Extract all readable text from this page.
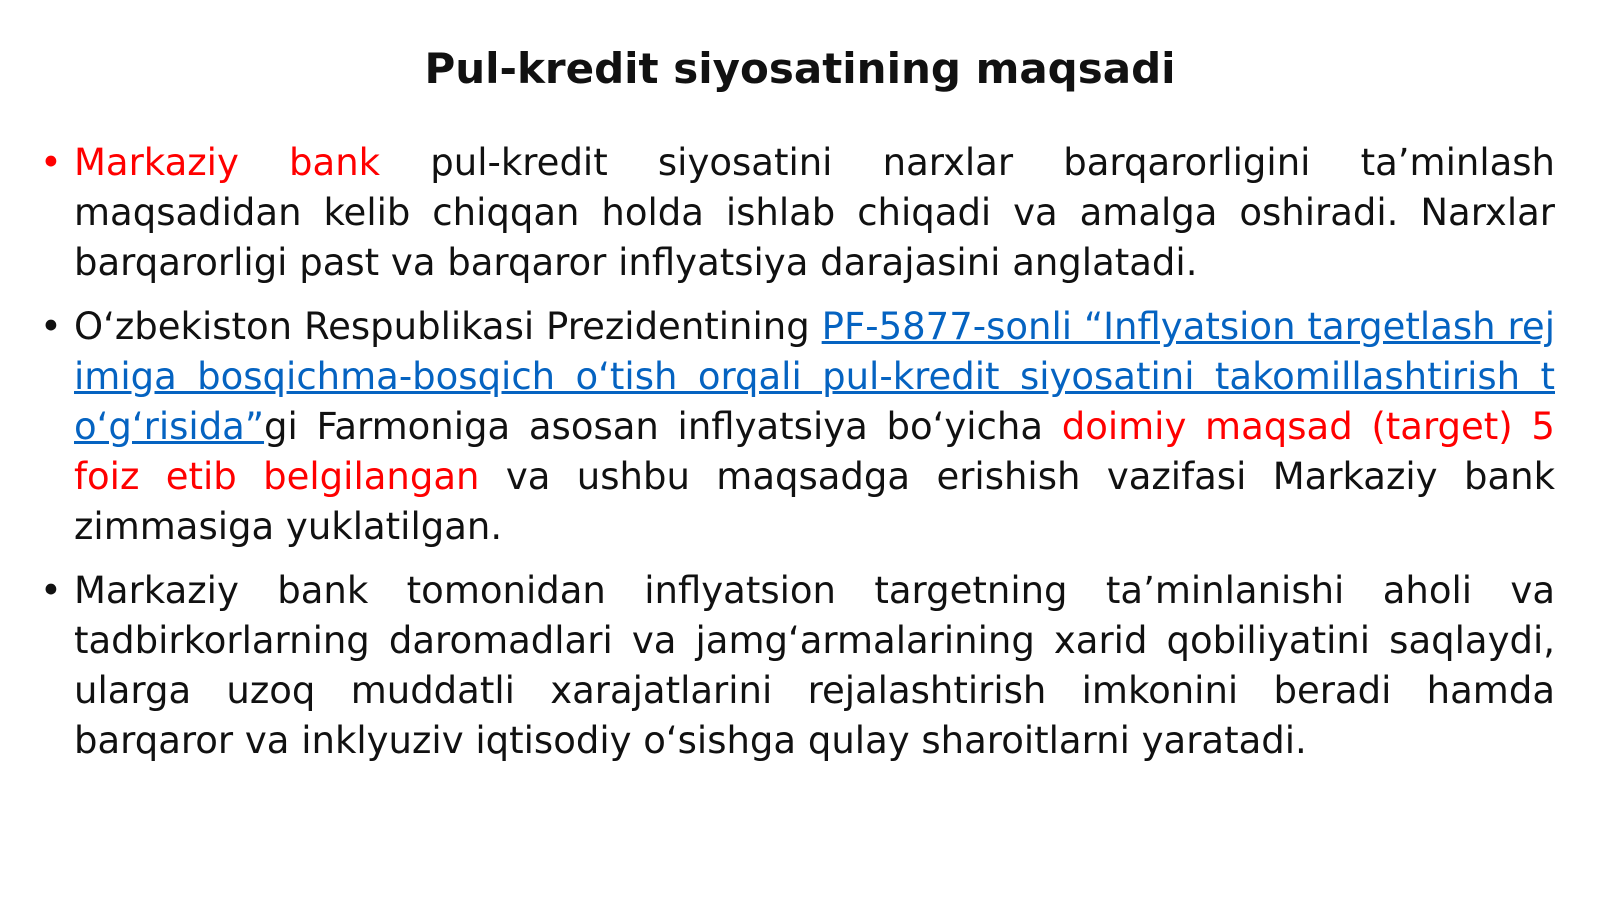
Pul-kredit siyosatining maqsadi

• Markaziy bank pul-kredit siyosatini narxlar barqarorligini ta’minlash maqsadidan kelib chiqqan holda ishlab chiqadi va amalga oshiradi. Narxlar barqarorligi past va barqaror inflyatsiya darajasini anglatadi.

• O‘zbekiston Respublikasi Prezidentining PF-5877-sonli “Inflyatsion targetlash rejimiga bosqichma-bosqich o‘tish orqali pul-kredit siyosatini takomillashtirish to‘g‘risida”gi Farmoniga asosan inflyatsiya bo‘yicha doimiy maqsad (target) 5 foiz etib belgilangan va ushbu maqsadga erishish vazifasi Markaziy bank zimmasiga yuklatilgan.

• Markaziy bank tomonidan inflyatsion targetning ta’minlanishi aholi va tadbirkorlarning daromadlari va jamg‘armalarining xarid qobiliyatini saqlaydi, ularga uzoq muddatli xarajatlarini rejalashtirish imkonini beradi hamda barqaror va inklyuziv iqtisodiy o‘sishga qulay sharoitlarni yaratadi.
